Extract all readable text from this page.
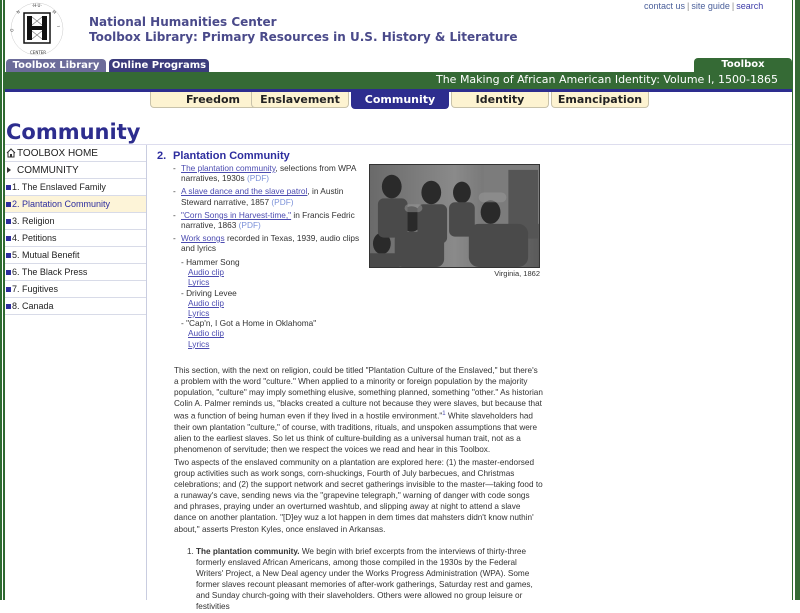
N
·H·U·
M
I
CENTER
O
National Humanities Center
Toolbox Library: Primary Resources in U.S. History & Literature
contact us | site guide | search
Toolbox Library	Online Programs	Toolbox
The Making of African American Identity: Volume I, 1500-1865
Freedom	Enslavement	Community	Identity	Emancipation
Community
TOOLBOX HOME
COMMUNITY
1. The Enslaved Family
2. Plantation Community
3. Religion
4. Petitions
5. Mutual Benefit
6. The Black Press
7. Fugitives
8. Canada
2. Plantation Community
- The plantation community, selections from WPA narratives, 1930s (PDF)
- A slave dance and the slave patrol, in Austin Steward narrative, 1857 (PDF)
- "Corn Songs in Harvest-time," in Francis Fedric narrative, 1863 (PDF)
- Work songs recorded in Texas, 1939, audio clips and lyrics
- Hammer Song
Audio clip
Lyrics
- Driving Levee
Audio clip
Lyrics
- "Cap'n, I Got a Home in Oklahoma"
Audio clip
Lyrics
Virginia, 1862
This section, with the next on religion, could be titled "Plantation Culture of the Enslaved," but there's a problem with the word "culture." When applied to a minority or foreign population by the majority population, "culture" may imply something elusive, something planned, something "other." As historian Colin A. Palmer reminds us, "blacks created a culture not because they were slaves, but because that was a function of being human even if they lived in a hostile environment."$^1$ White slaveholders had their own plantation "culture," of course, with traditions, rituals, and unspoken assumptions that were alien to the earliest slaves. So let us think of culture-building as a universal human trait, not as a phenomenon of servitude; then we respect the voices we read and hear in this Toolbox.
Two aspects of the enslaved community on a plantation are explored here: (1) the master-endorsed group activities such as work songs, corn-shuckings, Fourth of July barbecues, and Christmas celebrations; and (2) the support network and secret gatherings invisible to the master—taking food to a runaway's cave, sending news via the "grapevine telegraph," warning of danger with code songs and phrases, praying under an overturned washtub, and slipping away at night to attend a slave dance on another plantation. "[D]ey wuz a lot happen in dem times dat mahsters didn't know nuthin' about," asserts Preston Kyles, once enslaved in Arkansas.
1. The plantation community. We begin with brief excerpts from the interviews of thirty-three formerly enslaved African Americans, among those compiled in the 1930s by the Federal Writers' Project, a New Deal agency under the Works Progress Administration (WPA). Some former slaves recount pleasant memories of after-work gatherings, Saturday rest and games, and Sunday church-going with their slaveholders. Others were allowed no group leisure or festivities
